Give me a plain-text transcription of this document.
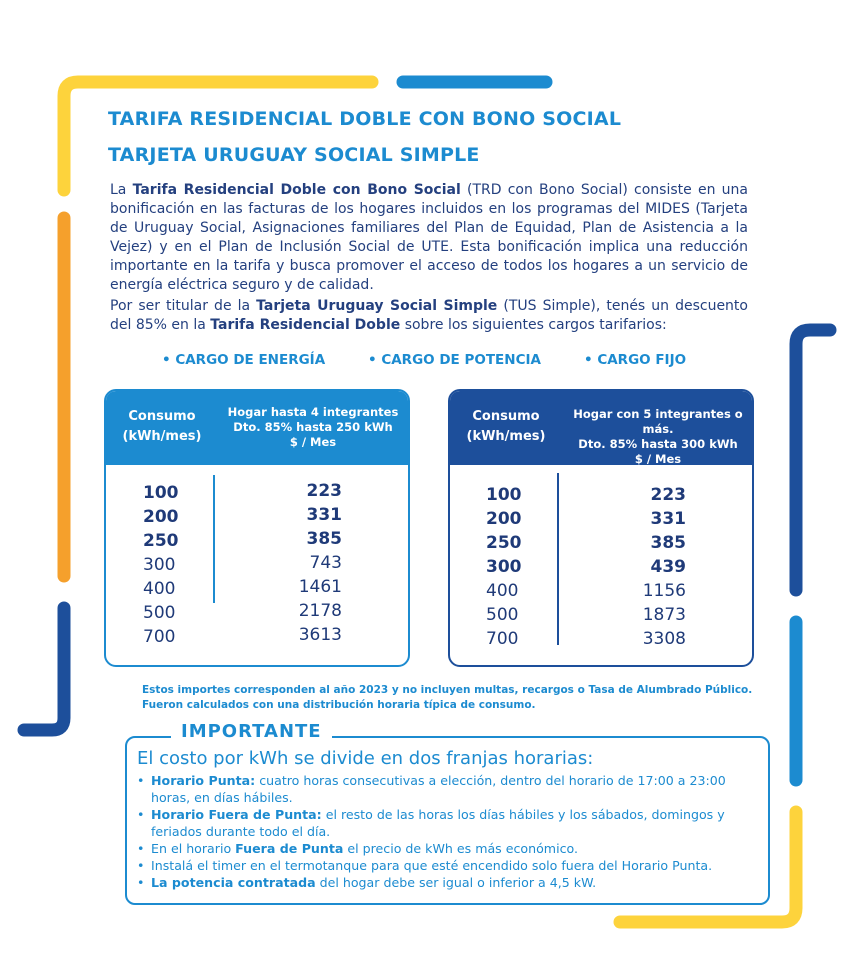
TARIFA RESIDENCIAL DOBLE CON BONO SOCIAL
TARJETA URUGUAY SOCIAL SIMPLE

La Tarifa Residencial Doble con Bono Social (TRD con Bono Social) consiste en una bonificación en las facturas de los hogares incluidos en los programas del MIDES (Tarjeta de Uruguay Social, Asignaciones familiares del Plan de Equidad, Plan de Asistencia a la Vejez) y en el Plan de Inclusión Social de UTE. Esta bonificación implica una reducción importante en la tarifa y busca promover el acceso de todos los hogares a un servicio de energía eléctrica seguro y de calidad.

Por ser titular de la Tarjeta Uruguay Social Simple (TUS Simple), tenés un descuento del 85% en la Tarifa Residencial Doble sobre los siguientes cargos tarifarios:

• CARGO DE ENERGÍA	• CARGO DE POTENCIA	• CARGO FIJO
Consumo
(kWh/mes)
Hogar hasta 4 integrantes
Dto. 85% hasta 250 kWh
$ / Mes
100
200
250
300
400
500
700
223
331
385
743
1461
2178
3613
Consumo
(kWh/mes)
Hogar con 5 integrantes o más.
Dto. 85% hasta 300 kWh
$ / Mes
100
200
250
300
400
500
700
223
331
385
439
1156
1873
3308

Estos importes corresponden al año 2023 y no incluyen multas, recargos o Tasa de Alumbrado Público.
Fueron calculados con una distribución horaria típica de consumo.

IMPORTANTE

El costo por kWh se divide en dos franjas horarias:

• Horario Punta: cuatro horas consecutivas a elección, dentro del horario de 17:00 a 23:00 horas, en días hábiles.
• Horario Fuera de Punta: el resto de las horas los días hábiles y los sábados, domingos y feriados durante todo el día.
• En el horario Fuera de Punta el precio de kWh es más económico.
• Instalá el timer en el termotanque para que esté encendido solo fuera del Horario Punta.
• La potencia contratada del hogar debe ser igual o inferior a 4,5 kW.
